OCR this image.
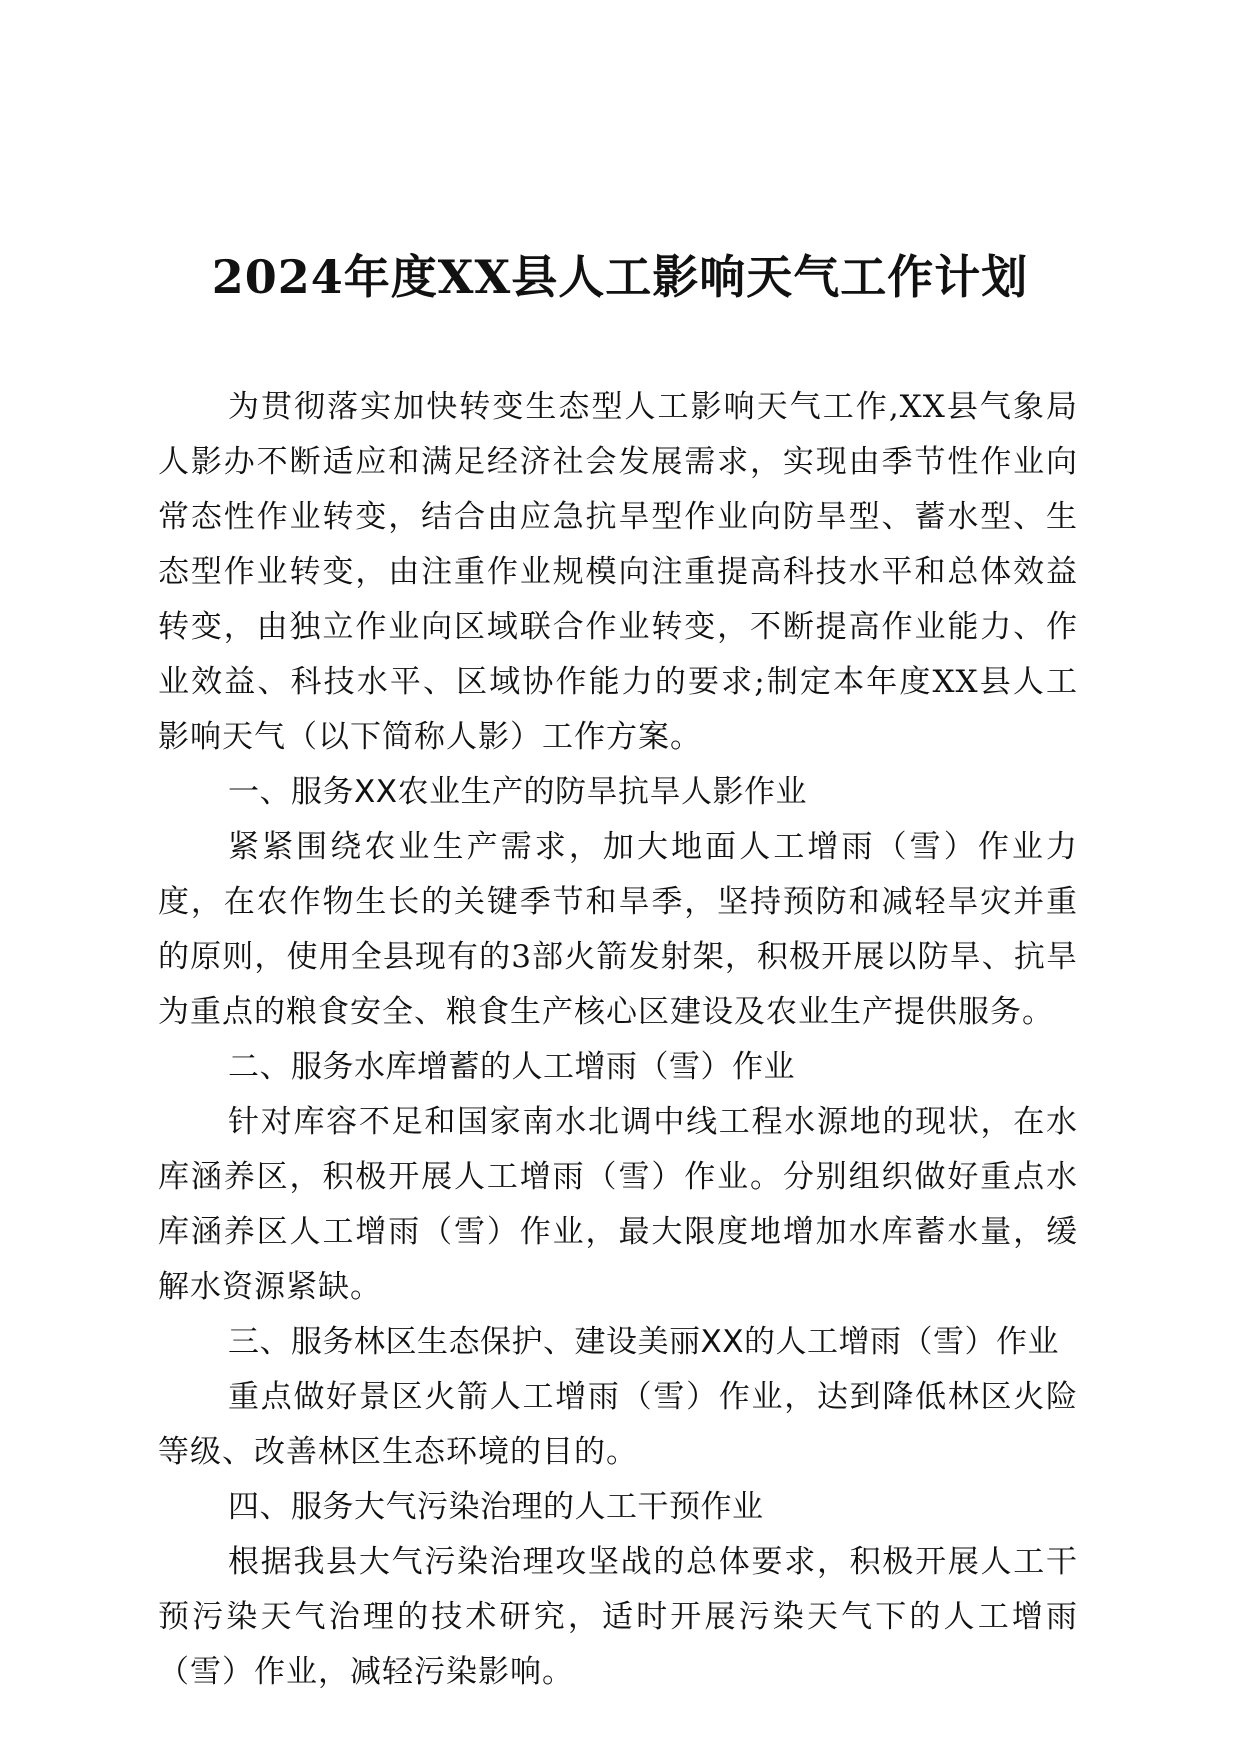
2024年度XX县人工影响天气工作计划

为贯彻落实加快转变生态型人工影响天气工作,XX县气象局人影办不断适应和满足经济社会发展需求，实现由季节性作业向常态性作业转变，结合由应急抗旱型作业向防旱型、蓄水型、生态型作业转变，由注重作业规模向注重提高科技水平和总体效益转变，由独立作业向区域联合作业转变，不断提高作业能力、作业效益、科技水平、区域协作能力的要求;制定本年度XX县人工影响天气（以下简称人影）工作方案。

一、服务XX农业生产的防旱抗旱人影作业

紧紧围绕农业生产需求，加大地面人工增雨（雪）作业力度，在农作物生长的关键季节和旱季，坚持预防和减轻旱灾并重的原则，使用全县现有的3部火箭发射架，积极开展以防旱、抗旱为重点的粮食安全、粮食生产核心区建设及农业生产提供服务。

二、服务水库增蓄的人工增雨（雪）作业

针对库容不足和国家南水北调中线工程水源地的现状，在水库涵养区，积极开展人工增雨（雪）作业。分别组织做好重点水库涵养区人工增雨（雪）作业，最大限度地增加水库蓄水量，缓解水资源紧缺。

三、服务林区生态保护、建设美丽XX的人工增雨（雪）作业

重点做好景区火箭人工增雨（雪）作业，达到降低林区火险等级、改善林区生态环境的目的。

四、服务大气污染治理的人工干预作业

根据我县大气污染治理攻坚战的总体要求，积极开展人工干预污染天气治理的技术研究，适时开展污染天气下的人工增雨（雪）作业，减轻污染影响。
